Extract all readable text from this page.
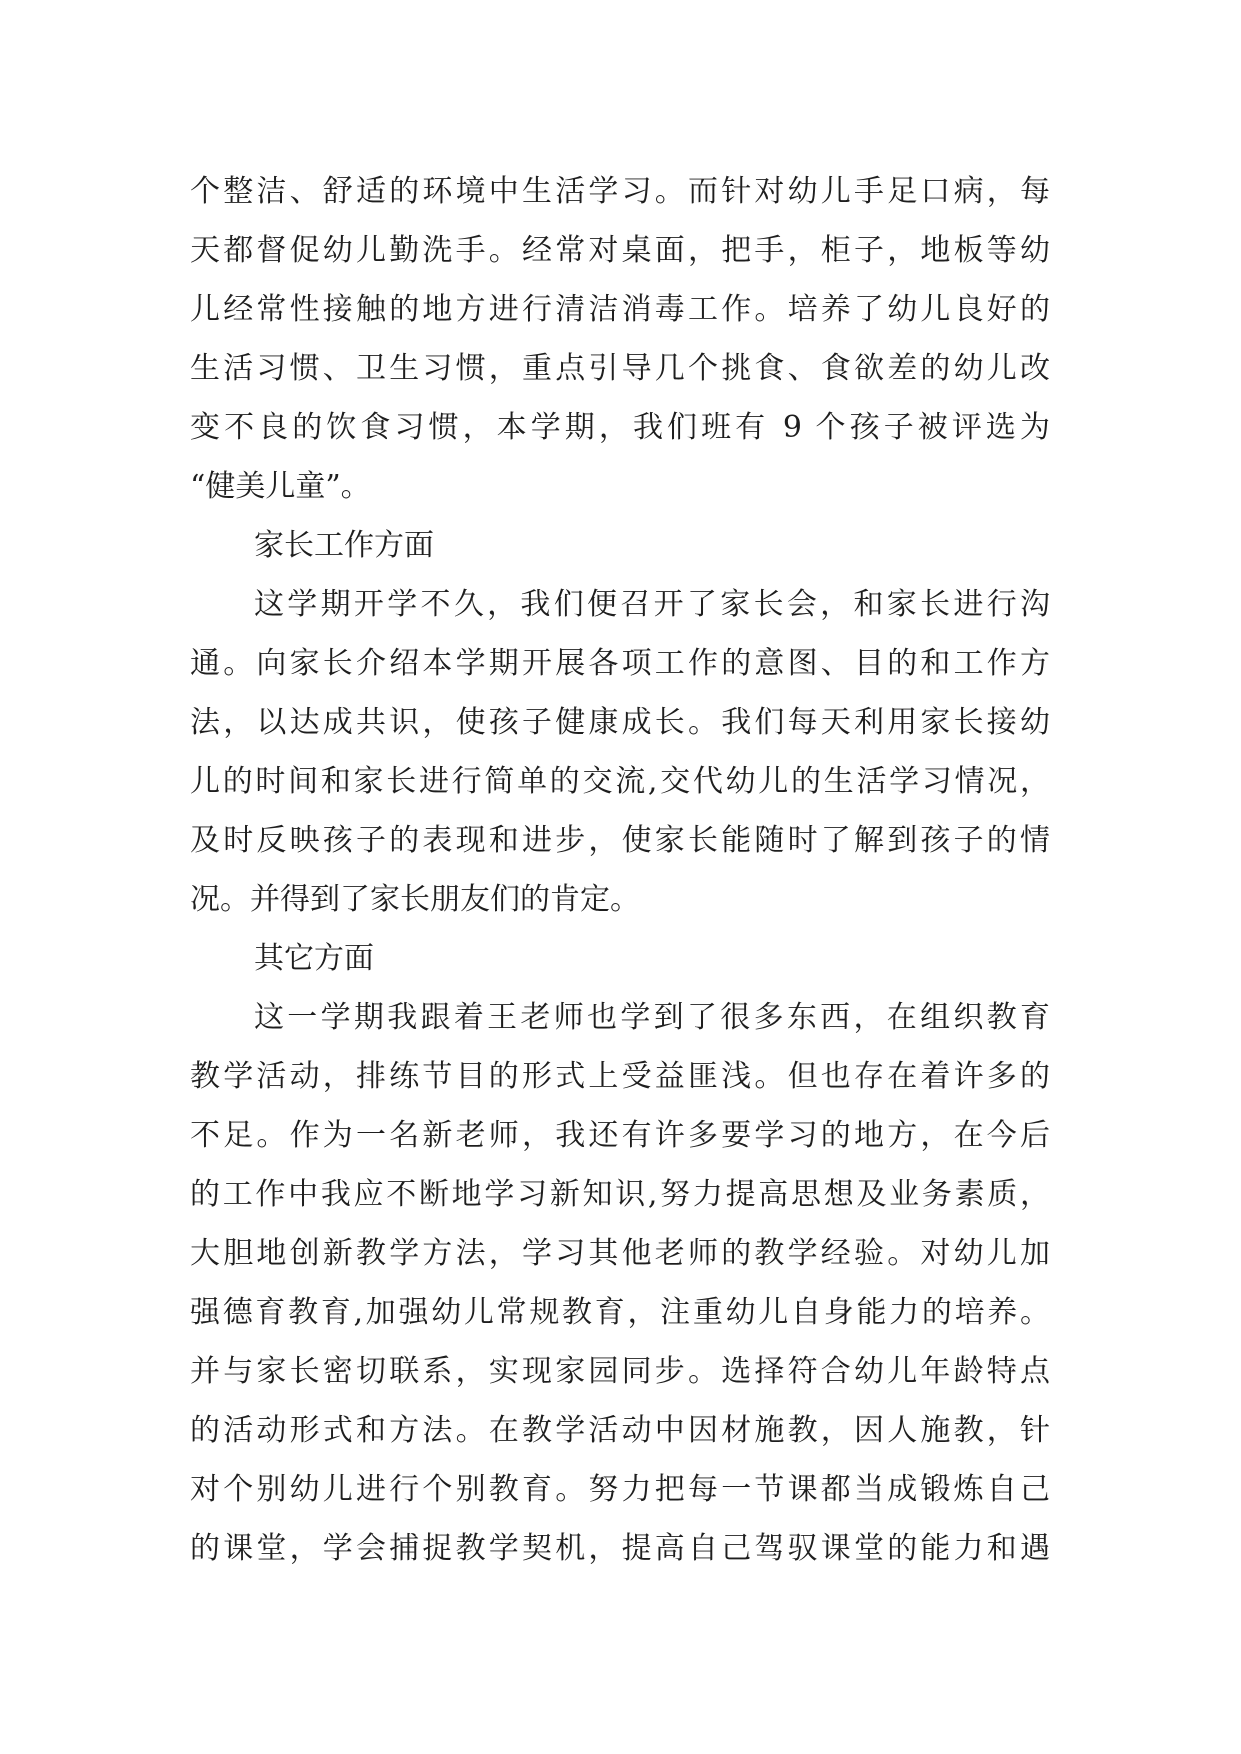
个整洁、舒适的环境中生活学习。而针对幼儿手足口病，每
天都督促幼儿勤洗手。经常对桌面，把手，柜子，地板等幼
儿经常性接触的地方进行清洁消毒工作。培养了幼儿良好的
生活习惯、卫生习惯，重点引导几个挑食、食欲差的幼儿改
变不良的饮食习惯，本学期，我们班有 9 个孩子被评选为
“健美儿童”。
家长工作方面
这学期开学不久，我们便召开了家长会，和家长进行沟
通。向家长介绍本学期开展各项工作的意图、目的和工作方
法，以达成共识，使孩子健康成长。我们每天利用家长接幼
儿的时间和家长进行简单的交流,交代幼儿的生活学习情况，
及时反映孩子的表现和进步，使家长能随时了解到孩子的情
况。并得到了家长朋友们的肯定。
其它方面
这一学期我跟着王老师也学到了很多东西，在组织教育
教学活动，排练节目的形式上受益匪浅。但也存在着许多的
不足。作为一名新老师，我还有许多要学习的地方，在今后
的工作中我应不断地学习新知识,努力提高思想及业务素质，
大胆地创新教学方法，学习其他老师的教学经验。对幼儿加
强德育教育,加强幼儿常规教育，注重幼儿自身能力的培养。
并与家长密切联系，实现家园同步。选择符合幼儿年龄特点
的活动形式和方法。在教学活动中因材施教，因人施教，针
对个别幼儿进行个别教育。努力把每一节课都当成锻炼自己
的课堂，学会捕捉教学契机，提高自己驾驭课堂的能力和遇
